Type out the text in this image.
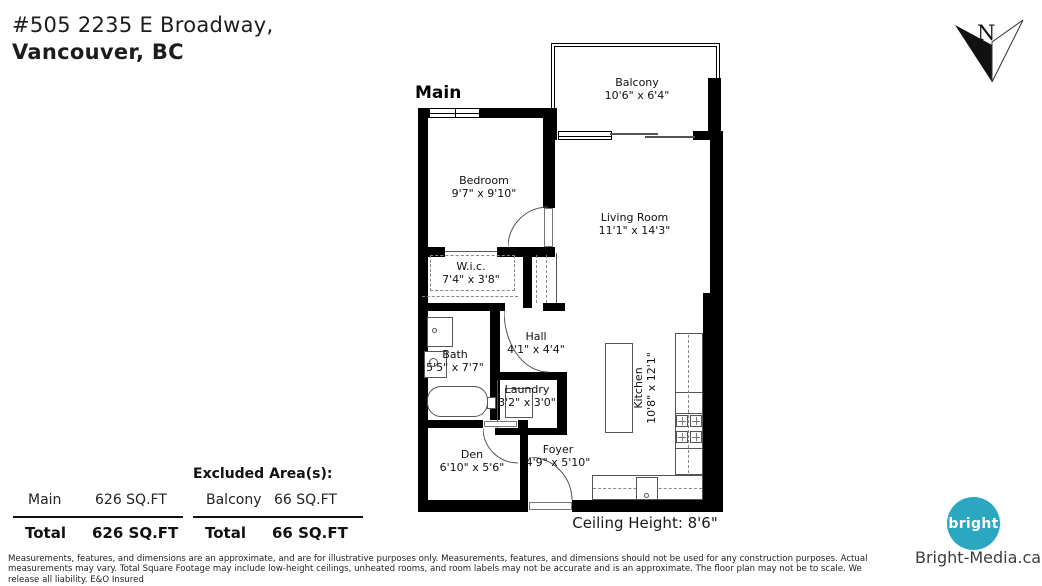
#505 2235 E Broadway,
Vancouver, BC
N
Main
Balcony
10'6" x 6'4"
Bedroom
9'7" x 9'10"
Living Room
11'1" x 14'3"
W.i.c.
7'4" x 3'8"
Bath
5'5" x 7'7"
Hall
4'1" x 4'4"
Laundry
3'2" x 3'0"	Kitchen 10'8" x 12'1"
Den
6'10" x 5'6"
Foyer
4'9" x 5'10"
Ceiling Height: 8'6"
Main 626 SQ.FT
Total 626 SQ.FT
Excluded Area(s):
Balcony 66 SQ.FT
Total 66 SQ.FT
Measurements, features, and dimensions are an approximate, and are for illustrative purposes only. Measurements, features, and dimensions should not be used for any construction purposes. Actual
measurements may vary. Total Square Footage may include low-height ceilings, unheated rooms, and room labels may not be accurate and is an approximate. The floor plan may not be to scale. We
release all liability. E&O Insured
bright
Bright-Media.ca
